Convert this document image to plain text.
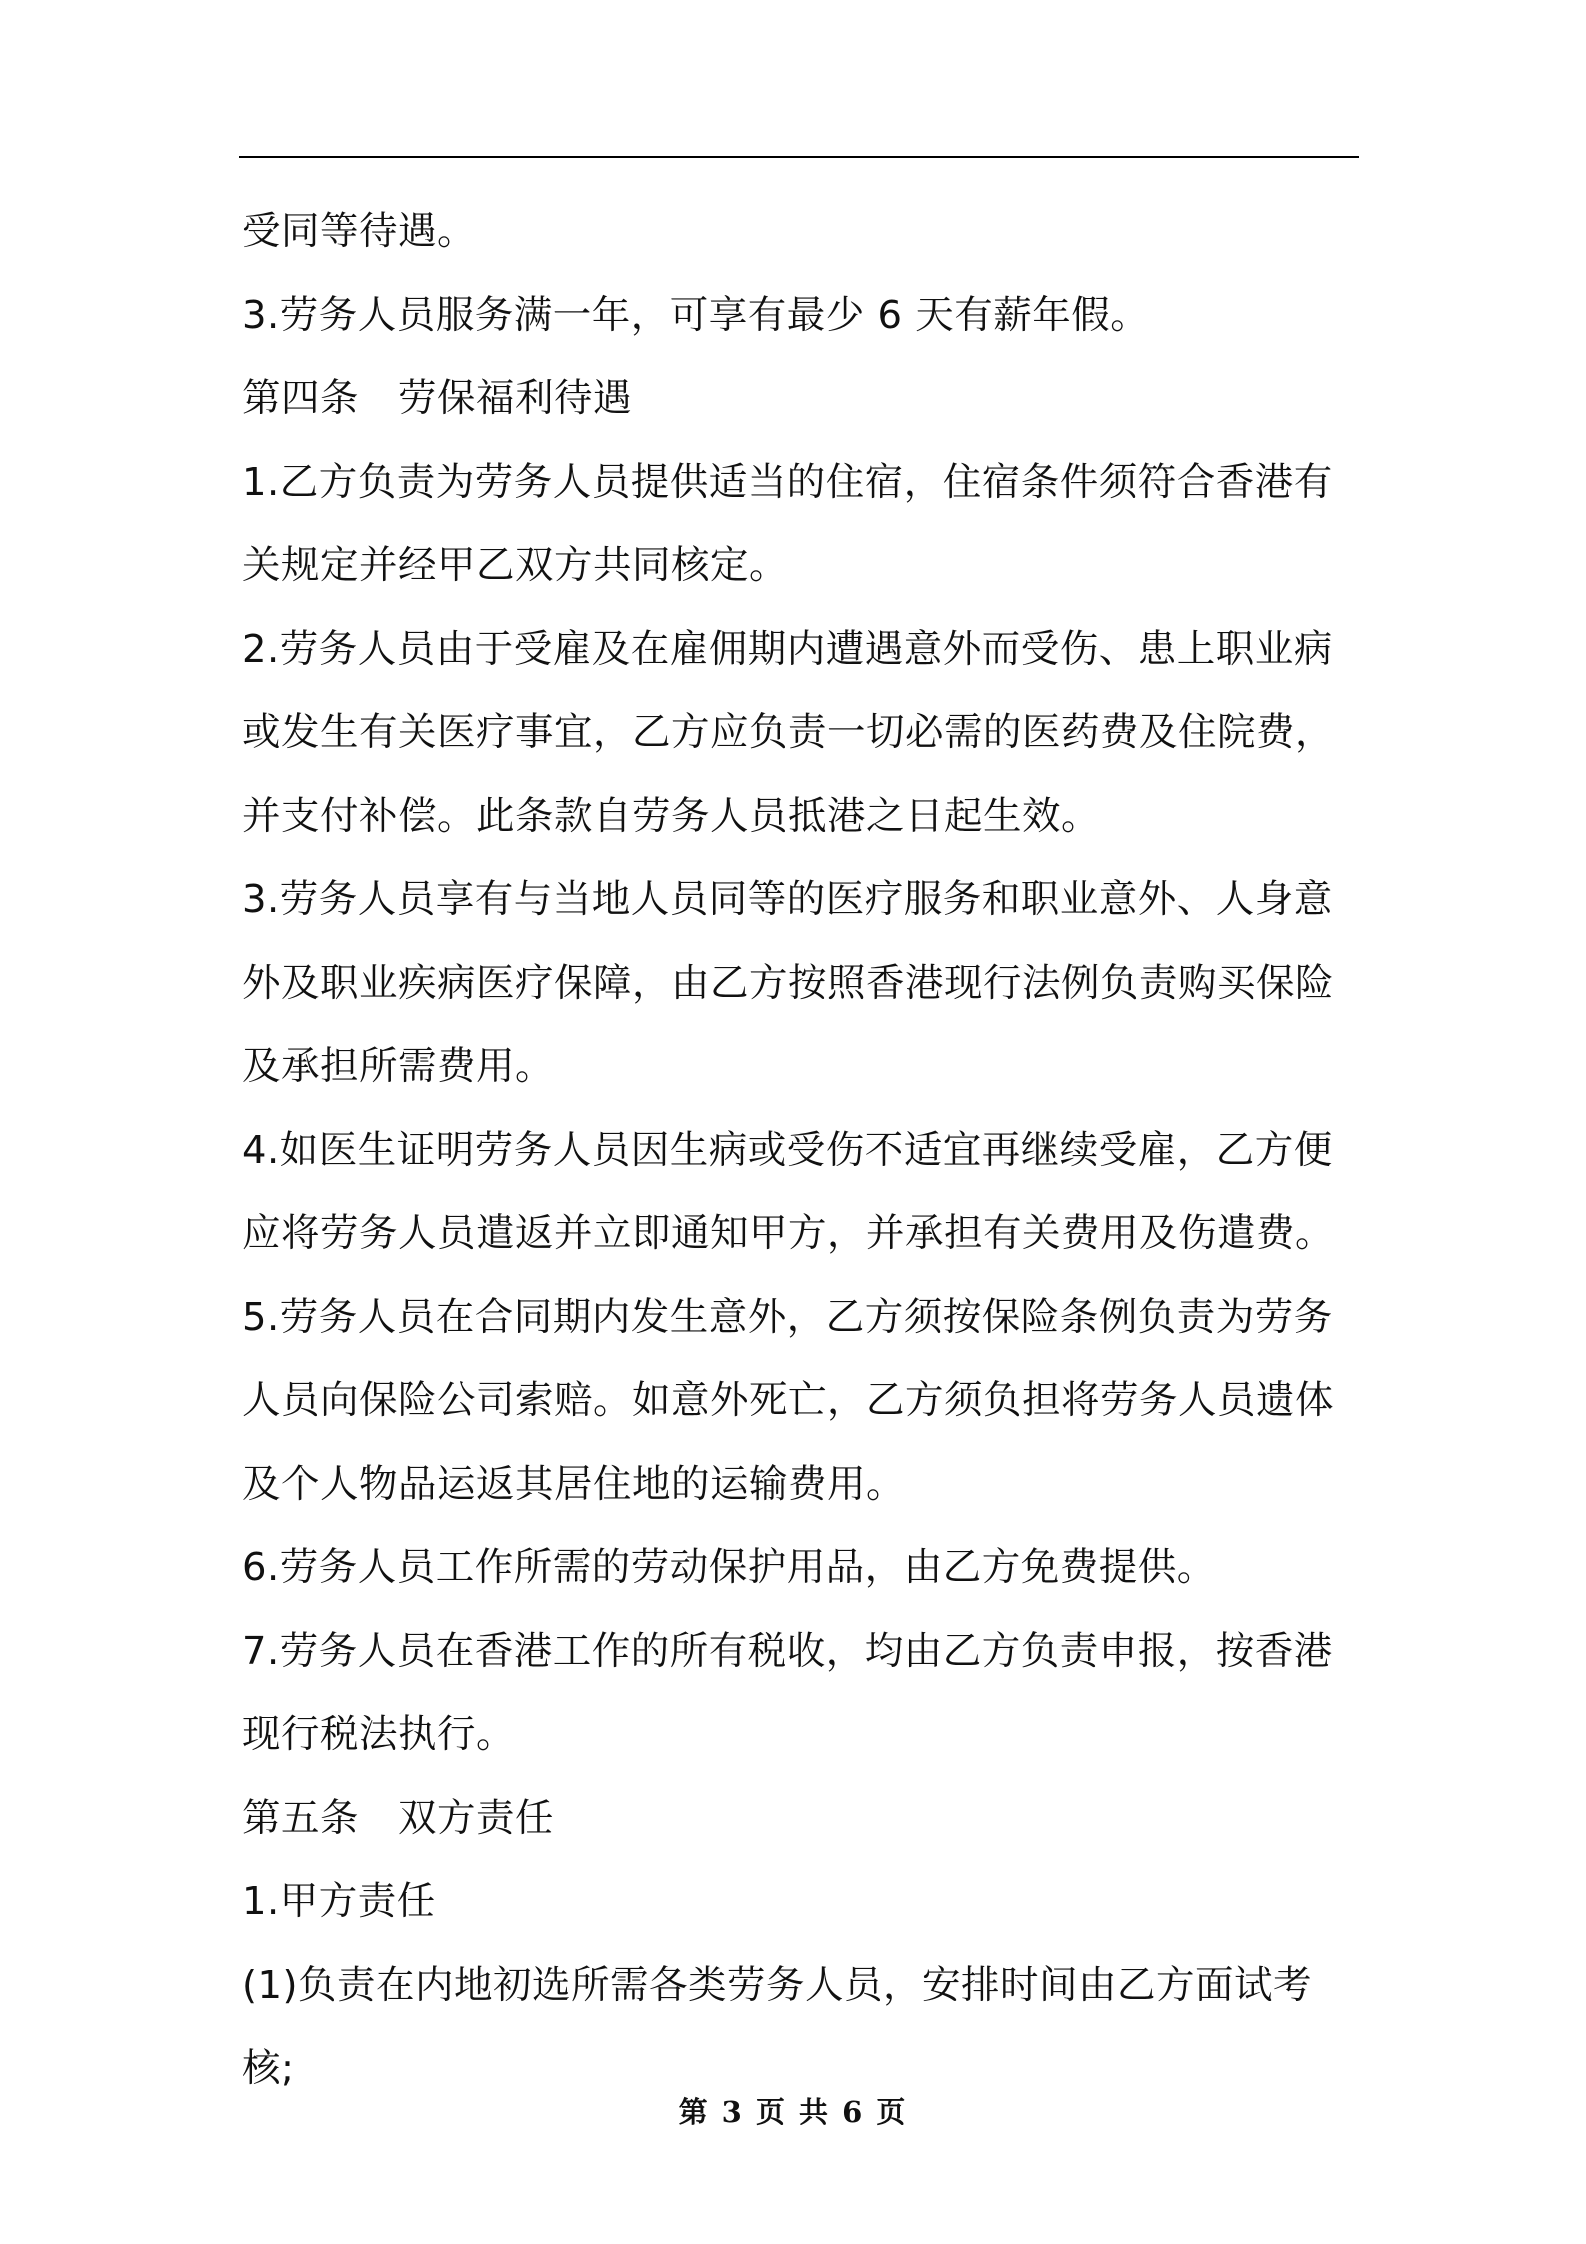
受同等待遇。

3.劳务人员服务满一年，可享有最少 6 天有薪年假。

第四条　劳保福利待遇

1.乙方负责为劳务人员提供适当的住宿，住宿条件须符合香港有关规定并经甲乙双方共同核定。

2.劳务人员由于受雇及在雇佣期内遭遇意外而受伤、患上职业病或发生有关医疗事宜，乙方应负责一切必需的医药费及住院费，并支付补偿。此条款自劳务人员抵港之日起生效。

3.劳务人员享有与当地人员同等的医疗服务和职业意外、人身意外及职业疾病医疗保障，由乙方按照香港现行法例负责购买保险及承担所需费用。

4.如医生证明劳务人员因生病或受伤不适宜再继续受雇，乙方便应将劳务人员遣返并立即通知甲方，并承担有关费用及伤遣费。

5.劳务人员在合同期内发生意外，乙方须按保险条例负责为劳务人员向保险公司索赔。如意外死亡，乙方须负担将劳务人员遗体及个人物品运返其居住地的运输费用。

6.劳务人员工作所需的劳动保护用品，由乙方免费提供。

7.劳务人员在香港工作的所有税收，均由乙方负责申报，按香港现行税法执行。

第五条　双方责任

1.甲方责任

(1)负责在内地初选所需各类劳务人员，安排时间由乙方面试考核;

第 3 页 共 6 页
